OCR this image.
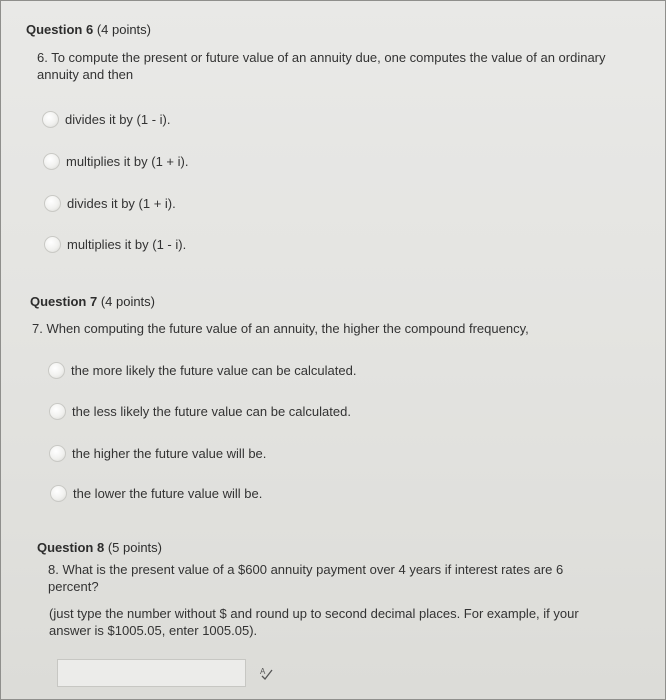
Question 6 (4 points)

6. To compute the present or future value of an annuity due, one computes the value of an ordinary annuity and then

divides it by (1 - i).
multiplies it by (1 + i).
divides it by (1 + i).
multiplies it by (1 - i).

Question 7 (4 points)

7. When computing the future value of an annuity, the higher the compound frequency,

the more likely the future value can be calculated.
the less likely the future value can be calculated.
the higher the future value will be.
the lower the future value will be.

Question 8 (5 points)

8. What is the present value of a $600 annuity payment over 4 years if interest rates are 6 percent?

(just type the number without $ and round up to second decimal places. For example, if your answer is $1005.05, enter 1005.05).

A
